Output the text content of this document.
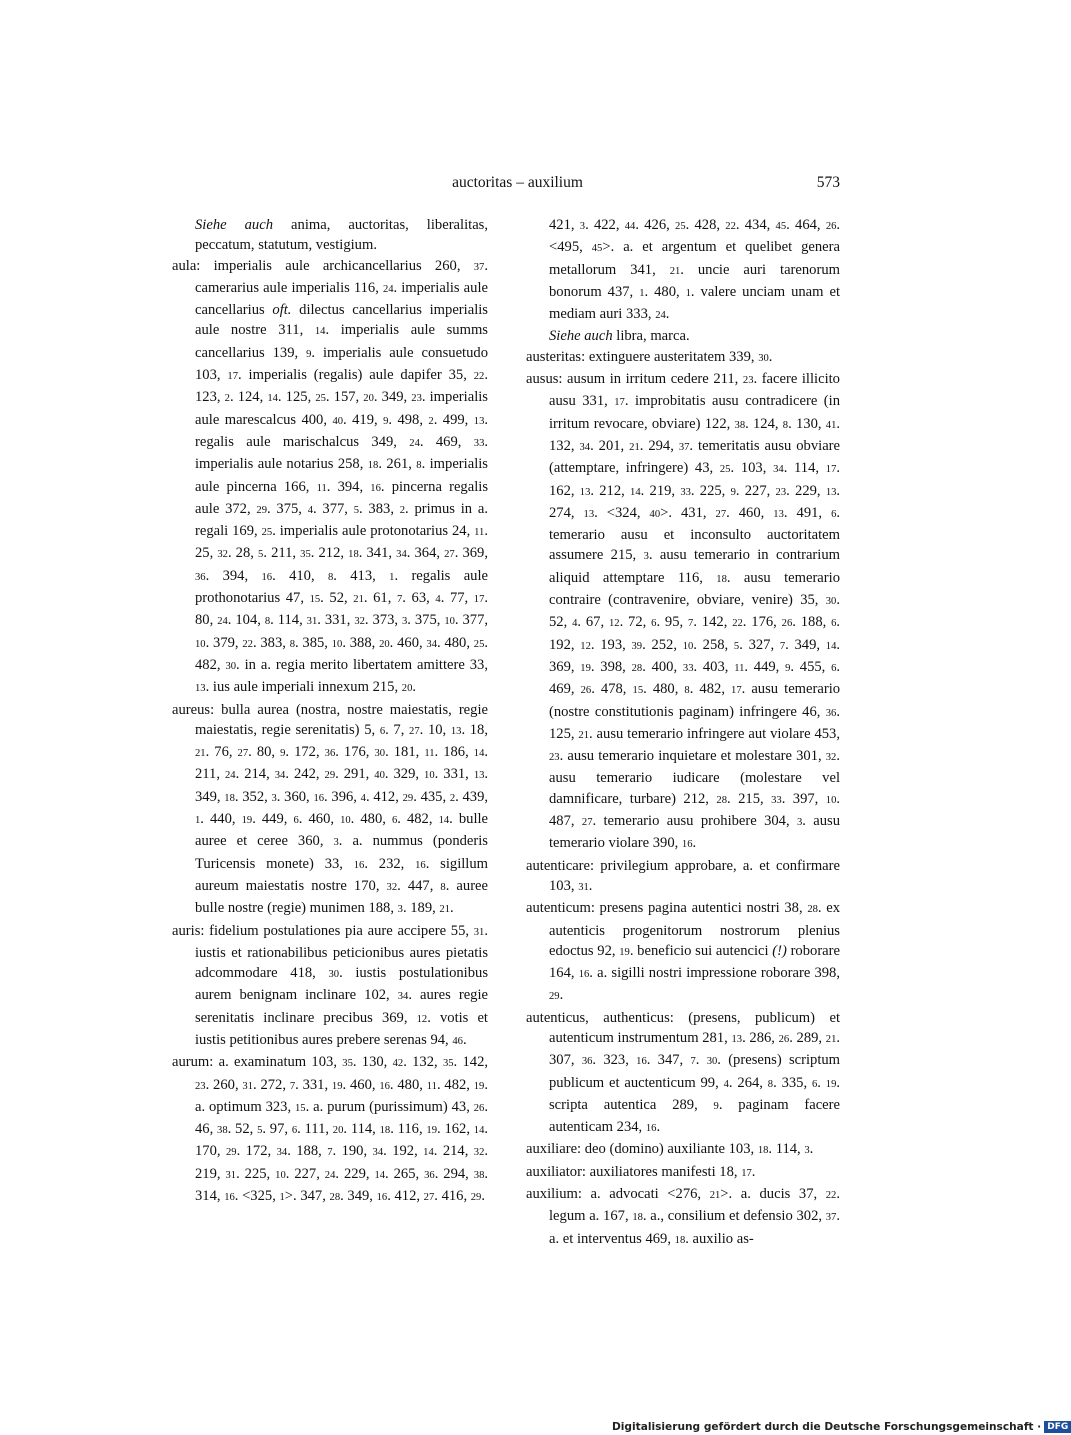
auctoritas – auxilium	573

Siehe auch anima, auctoritas, liberalitas, peccatum, statutum, vestigium.

aula: imperialis aule archicancellarius 260, 37. camerarius aule imperialis 116, 24. imperialis aule cancellarius oft. dilectus cancellarius imperialis aule nostre 311, 14. imperialis aule summs cancellarius 139, 9. imperialis aule consuetudo 103, 17. imperialis (regalis) aule dapifer 35, 22. 123, 2. 124, 14. 125, 25. 157, 20. 349, 23. imperialis aule marescalcus 400, 40. 419, 9. 498, 2. 499, 13. regalis aule marischalcus 349, 24. 469, 33. imperialis aule notarius 258, 18. 261, 8. imperialis aule pincerna 166, 11. 394, 16. pincerna regalis aule 372, 29. 375, 4. 377, 5. 383, 2. primus in a. regali 169, 25. imperialis aule protonotarius 24, 11. 25, 32. 28, 5. 211, 35. 212, 18. 341, 34. 364, 27. 369, 36. 394, 16. 410, 8. 413, 1. regalis aule prothonotarius 47, 15. 52, 21. 61, 7. 63, 4. 77, 17. 80, 24. 104, 8. 114, 31. 331, 32. 373, 3. 375, 10. 377, 10. 379, 22. 383, 8. 385, 10. 388, 20. 460, 34. 480, 25. 482, 30. in a. regia merito libertatem amittere 33, 13. ius aule imperiali innexum 215, 20.

aureus: bulla aurea (nostra, nostre maiestatis, regie maiestatis, regie serenitatis) 5, 6. 7, 27. 10, 13. 18, 21. 76, 27. 80, 9. 172, 36. 176, 30. 181, 11. 186, 14. 211, 24. 214, 34. 242, 29. 291, 40. 329, 10. 331, 13. 349, 18. 352, 3. 360, 16. 396, 4. 412, 29. 435, 2. 439, 1. 440, 19. 449, 6. 460, 10. 480, 6. 482, 14. bulle auree et ceree 360, 3. a. nummus (ponderis Turicensis monete) 33, 16. 232, 16. sigillum aureum maiestatis nostre 170, 32. 447, 8. auree bulle nostre (regie) munimen 188, 3. 189, 21.

auris: fidelium postulationes pia aure accipere 55, 31. iustis et rationabilibus peticionibus aures pietatis adcommodare 418, 30. iustis postulationibus aurem benignam inclinare 102, 34. aures regie serenitatis inclinare precibus 369, 12. votis et iustis petitionibus aures prebere serenas 94, 46.

aurum: a. examinatum 103, 35. 130, 42. 132, 35. 142, 23. 260, 31. 272, 7. 331, 19. 460, 16. 480, 11. 482, 19. a. optimum 323, 15. a. purum (purissimum) 43, 26. 46, 38. 52, 5. 97, 6. 111, 20. 114, 18. 116, 19. 162, 14. 170, 29. 172, 34. 188, 7. 190, 34. 192, 14. 214, 32. 219, 31. 225, 10. 227, 24. 229, 14. 265, 36. 294, 38. 314, 16. <325, 1>. 347, 28. 349, 16. 412, 27. 416, 29.

421, 3. 422, 44. 426, 25. 428, 22. 434, 45. 464, 26. <495, 45>. a. et argentum et quelibet genera metallorum 341, 21. uncie auri tarenorum bonorum 437, 1. 480, 1. valere unciam unam et mediam auri 333, 24.

Siehe auch libra, marca.

austeritas: extinguere austeritatem 339, 30.

ausus: ausum in irritum cedere 211, 23. facere illicito ausu 331, 17. improbitatis ausu contradicere (in irritum revocare, obviare) 122, 38. 124, 8. 130, 41. 132, 34. 201, 21. 294, 37. temeritatis ausu obviare (attemptare, infringere) 43, 25. 103, 34. 114, 17. 162, 13. 212, 14. 219, 33. 225, 9. 227, 23. 229, 13. 274, 13. <324, 40>. 431, 27. 460, 13. 491, 6. temerario ausu et inconsulto auctoritatem assumere 215, 3. ausu temerario in contrarium aliquid attemptare 116, 18. ausu temerario contraire (contravenire, obviare, venire) 35, 30. 52, 4. 67, 12. 72, 6. 95, 7. 142, 22. 176, 26. 188, 6. 192, 12. 193, 39. 252, 10. 258, 5. 327, 7. 349, 14. 369, 19. 398, 28. 400, 33. 403, 11. 449, 9. 455, 6. 469, 26. 478, 15. 480, 8. 482, 17. ausu temerario (nostre constitutionis paginam) infringere 46, 36. 125, 21. ausu temerario infringere aut violare 453, 23. ausu temerario inquietare et molestare 301, 32. ausu temerario iudicare (molestare vel damnificare, turbare) 212, 28. 215, 33. 397, 10. 487, 27. temerario ausu prohibere 304, 3. ausu temerario violare 390, 16.

autenticare: privilegium approbare, a. et confirmare 103, 31.

autenticum: presens pagina autentici nostri 38, 28. ex autenticis progenitorum nostrorum plenius edoctus 92, 19. beneficio sui autencici (!) roborare 164, 16. a. sigilli nostri impressione roborare 398, 29.

autenticus, authenticus: (presens, publicum) et autenticum instrumentum 281, 13. 286, 26. 289, 21. 307, 36. 323, 16. 347, 7. 30. (presens) scriptum publicum et auctenticum 99, 4. 264, 8. 335, 6. 19. scripta autentica 289, 9. paginam facere autenticam 234, 16.

auxiliare: deo (domino) auxiliante 103, 18. 114, 3.

auxiliator: auxiliatores manifesti 18, 17.

auxilium: a. advocati <276, 21>. a. ducis 37, 22. legum a. 167, 18. a., consilium et defensio 302, 37. a. et interventus 469, 18. auxilio as-

Digitalisierung gefördert durch die Deutsche Forschungsgemeinschaft · DFG
